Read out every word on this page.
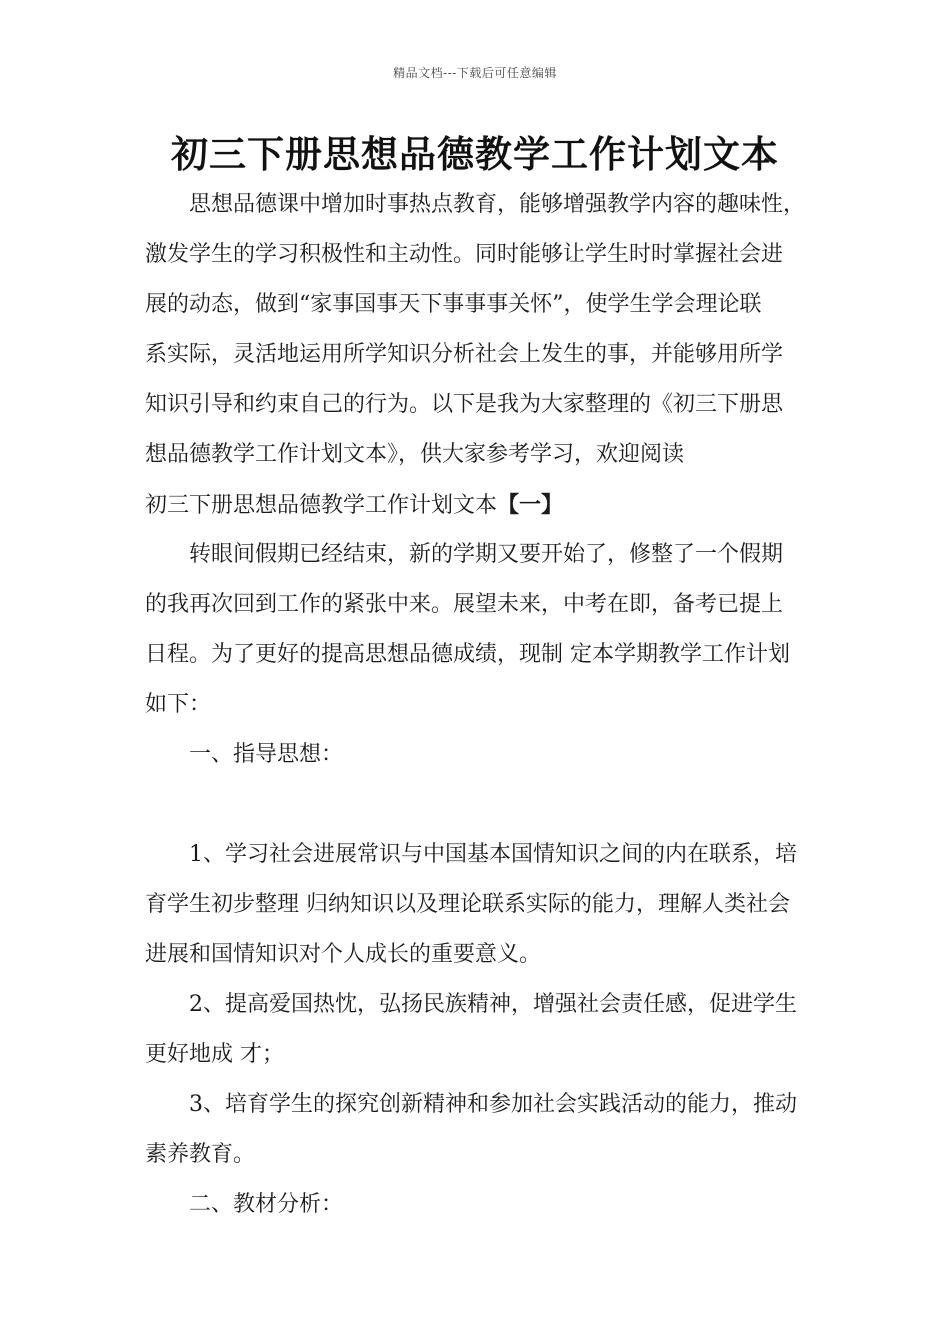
精品文档---下载后可任意编辑
初三下册思想品德教学工作计划文本
思想品德课中增加时事热点教育，能够增强教学内容的趣味性，
激发学生的学习积极性和主动性。同时能够让学生时时掌握社会进
展的动态，做到“家事国事天下事事事关怀”，使学生学会理论联
系实际，灵活地运用所学知识分析社会上发生的事，并能够用所学
知识引导和约束自己的行为。以下是我为大家整理的《初三下册思
想品德教学工作计划文本》，供大家参考学习，欢迎阅读
初三下册思想品德教学工作计划文本【一】
转眼间假期已经结束，新的学期又要开始了，修整了一个假期
的我再次回到工作的紧张中来。展望未来，中考在即，备考已提上
日程。为了更好的提高思想品德成绩，现制 定本学期教学工作计划
如下：
一、指导思想：
1、学习社会进展常识与中国基本国情知识之间的内在联系，培
育学生初步整理 归纳知识以及理论联系实际的能力，理解人类社会
进展和国情知识对个人成长的重要意义。
2、提高爱国热忱，弘扬民族精神，增强社会责任感，促进学生
更好地成 才；
3、培育学生的探究创新精神和参加社会实践活动的能力，推动
素养教育。
二、教材分析：
